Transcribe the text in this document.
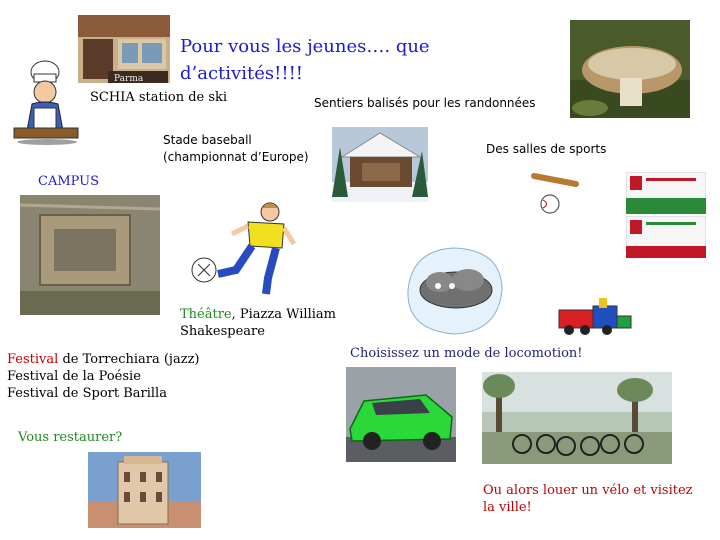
Parma
Pour vous les jeunes…. que
d’activités!!!!
SCHIA station de ski	Sentiers balisés pour les randonnées
Stade baseball
(championnat d’Europe)
Des salles de sports
CAMPUS
Théâtre, Piazza William
Shakespeare
Choisissez un mode de locomotion!
Festival de Torrechiara (jazz)
Festival de la Poésie
Festival de Sport Barilla
Vous restaurer?
Ou alors louer un vélo et visitez
la ville!
